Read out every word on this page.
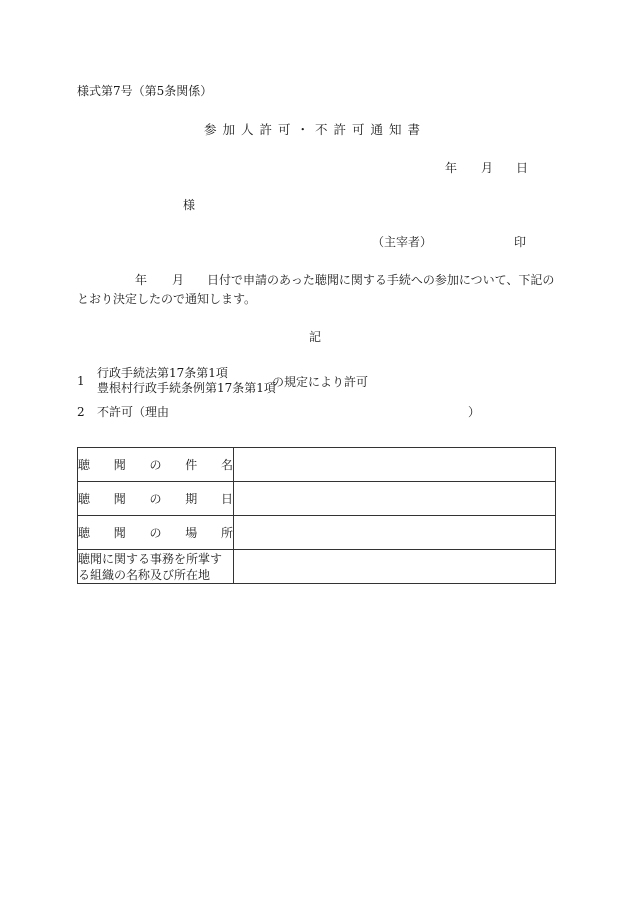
様式第7号（第5条関係）
参加人許可・不許可通知書
年 月 日
様
（主宰者）	印
年 月 日付で申請のあった聴聞に関する手続への参加について、下記の
とおり決定したので通知します。
記
1
行政手続法第17条第1項
豊根村行政手続条例第17条第1項
の規定により許可
2 不許可（理由	）
聴 聞 の 件 名	

聴 聞 の 期 日	

聴 聞 の 場 所	

聴聞に関する事務を所掌す
る組織の名称及び所在地	
